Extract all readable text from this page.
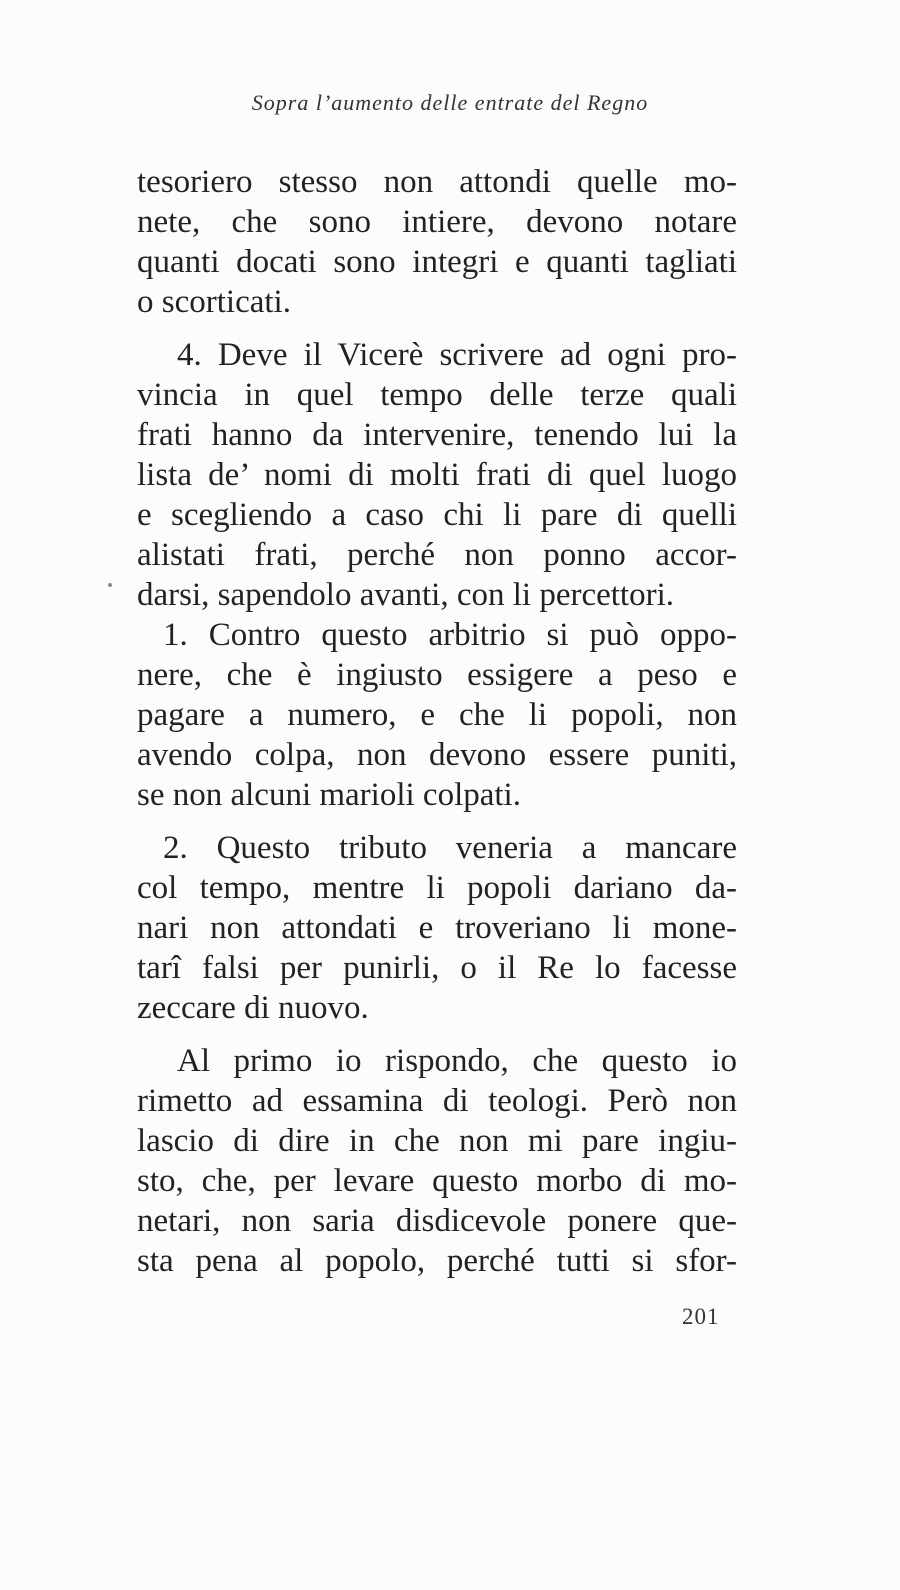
Sopra l’aumento delle entrate del Regno
tesoriero stesso non attondi quelle mo-
nete, che sono intiere, devono notare
quanti docati sono integri e quanti tagliati
o scorticati.
4. Deve il Vicerè scrivere ad ogni pro-
vincia in quel tempo delle terze quali
frati hanno da intervenire, tenendo lui la
lista de’ nomi di molti frati di quel luogo
e scegliendo a caso chi li pare di quelli
alistati frati, perché non ponno accor-
darsi, sapendolo avanti, con li percettori.
1. Contro questo arbitrio si può oppo-
nere, che è ingiusto essigere a peso e
pagare a numero, e che li popoli, non
avendo colpa, non devono essere puniti,
se non alcuni marioli colpati.
2. Questo tributo veneria a mancare
col tempo, mentre li popoli dariano da-
nari non attondati e troveriano li mone-
tarî falsi per punirli, o il Re lo facesse
zeccare di nuovo.
Al primo io rispondo, che questo io
rimetto ad essamina di teologi. Però non
lascio di dire in che non mi pare ingiu-
sto, che, per levare questo morbo di mo-
netari, non saria disdicevole ponere que-
sta pena al popolo, perché tutti si sfor-
201
